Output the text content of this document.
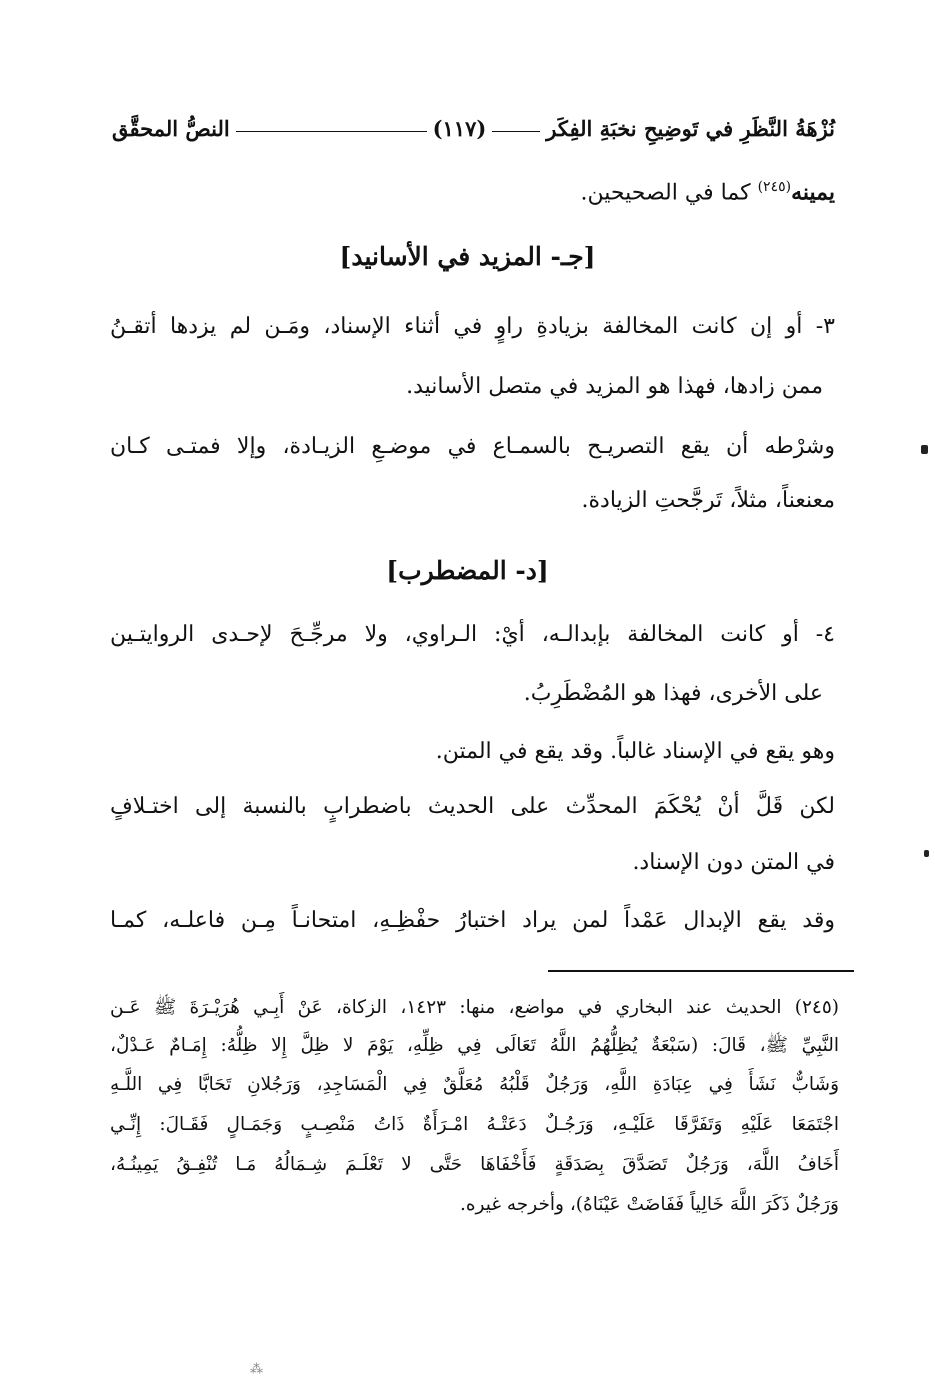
نُزْهَةُ النَّظَرِ في تَوضِيحِ نخبَةِ الفِكَر
(١١٧)
النصُّ المحقَّق
يمينه$^{(٢٤٥)}$ كما في الصحيحين.
[جـ- المزيد في الأسانيد]
٣- أو إن كانت المخالفة بزيادةِ راوٍ في أثناء الإسناد، ومَـن لم يزدها أتقـنُ
ممن زادها، فهذا هو المزيد في متصل الأسانيد.
وشرْطه أن يقع التصريـح بالسمـاع في موضـعِ الزيـادة، وإلا فمتـى كـان
معنعناً، مثلاً، تَرجَّحتِ الزيادة.
[د- المضطرب]
٤- أو كانت المخالفة بإبدالـه، أيْ: الـراوي، ولا مرجِّـحَ لإحـدى الروايتـين
على الأخرى، فهذا هو المُضْطَرِبُ.
وهو يقع في الإسناد غالباً. وقد يقع في المتن.
لكن قَلَّ أنْ يُحْكَمَ المحدِّث على الحديث باضطرابٍ بالنسبة إلى اختـلافٍ
في المتن دون الإسناد.
وقد يقع الإبدال عَمْداً لمن يراد اختبارُ حفْظِـهِ، امتحانـاً مِـن فاعلـه، كمـا
(٢٤٥) الحديث عند البخاري في مواضع، منها: ١٤٢٣، الزكاة، عَنْ أَبِـي هُرَيْـرَةَ ﷺ عَـن
النَّبِيِّ ﷺ، قَالَ: (سَبْعَةٌ يُظِلُّهُمُ اللَّهُ تَعَالَى فِي ظِلِّهِ، يَوْمَ لا ظِلَّ إِلا ظِلُّهُ: إِمَـامٌ عَـدْلٌ،
وَشَابٌّ نَشَأَ فِي عِبَادَةِ اللَّهِ، وَرَجُلٌ قَلْبُهُ مُعَلَّقٌ فِي الْمَسَاجِدِ، وَرَجُلانِ تَحَابَّا فِي اللَّـهِ
اجْتَمَعَا عَلَيْهِ وَتَفَرَّقَا عَلَيْـهِ، وَرَجُـلٌ دَعَتْـهُ امْـرَأَةٌ ذَاتُ مَنْصِـبٍ وَجَمَـالٍ فَقَـالَ: إِنِّـي
أَخَافُ اللَّهَ، وَرَجُلٌ تَصَدَّقَ بِصَدَقَةٍ فَأَخْفَاهَا حَتَّى لا تَعْلَـمَ شِـمَالُهُ مَـا تُنْفِـقُ يَمِينُـهُ،
وَرَجُلٌ ذَكَرَ اللَّهَ خَالِياً فَفَاضَتْ عَيْنَاهُ)، وأخرجه غيره.
⁂
